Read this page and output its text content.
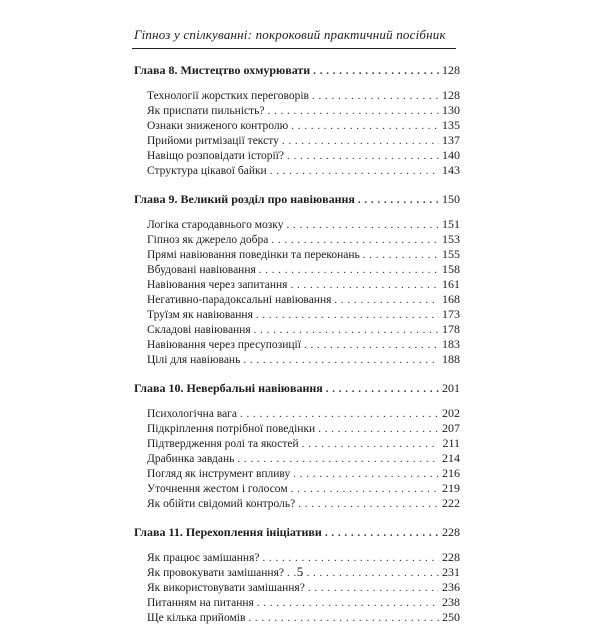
Гіпноз у спілкуванні: покроковий практичний посібник
Глава 8. Мистецтво охмурювати . . .	128
Технології жорстких переговорів . . .	128
Як приспати пильність? . . .	130
Ознаки зниженого контролю . . .	135
Прийоми ритмізації тексту . . .	137
Навіщо розповідати історії? . . .	140
Структура цікавої байки . . .	143
Глава 9. Великий розділ про навіювання . . .	150
Логіка стародавнього мозку . . .	151
Гіпноз як джерело добра . . .	153
Прямі навіювання поведінки та переконань . . .	155
Вбудовані навіювання . . .	158
Навіювання через запитання . . .	161
Негативно-парадоксальні навіювання . . .	168
Труїзм як навіювання . . .	173
Складові навіювання . . .	178
Навіювання через пресупозиції . . .	183
Цілі для навіювань . . .	188
Глава 10. Невербальні навіювання . . .	201
Психологічна вага . . .	202
Підкріплення потрібної поведінки . . .	207
Підтвердження ролі та якостей . . .	211
Драбинка завдань . . .	214
Погляд як інструмент впливу . . .	216
Уточнення жестом і голосом . . .	219
Як обійти свідомий контроль? . . .	222
Глава 11. Перехоплення ініціативи . . .	228
Як працює замішання? . . .	228
Як провокувати замішання? . . .	231
Як використовувати замішання? . . .	236
Питанням на питання . . .	238
Ще кілька прийомів . . .	250
5
